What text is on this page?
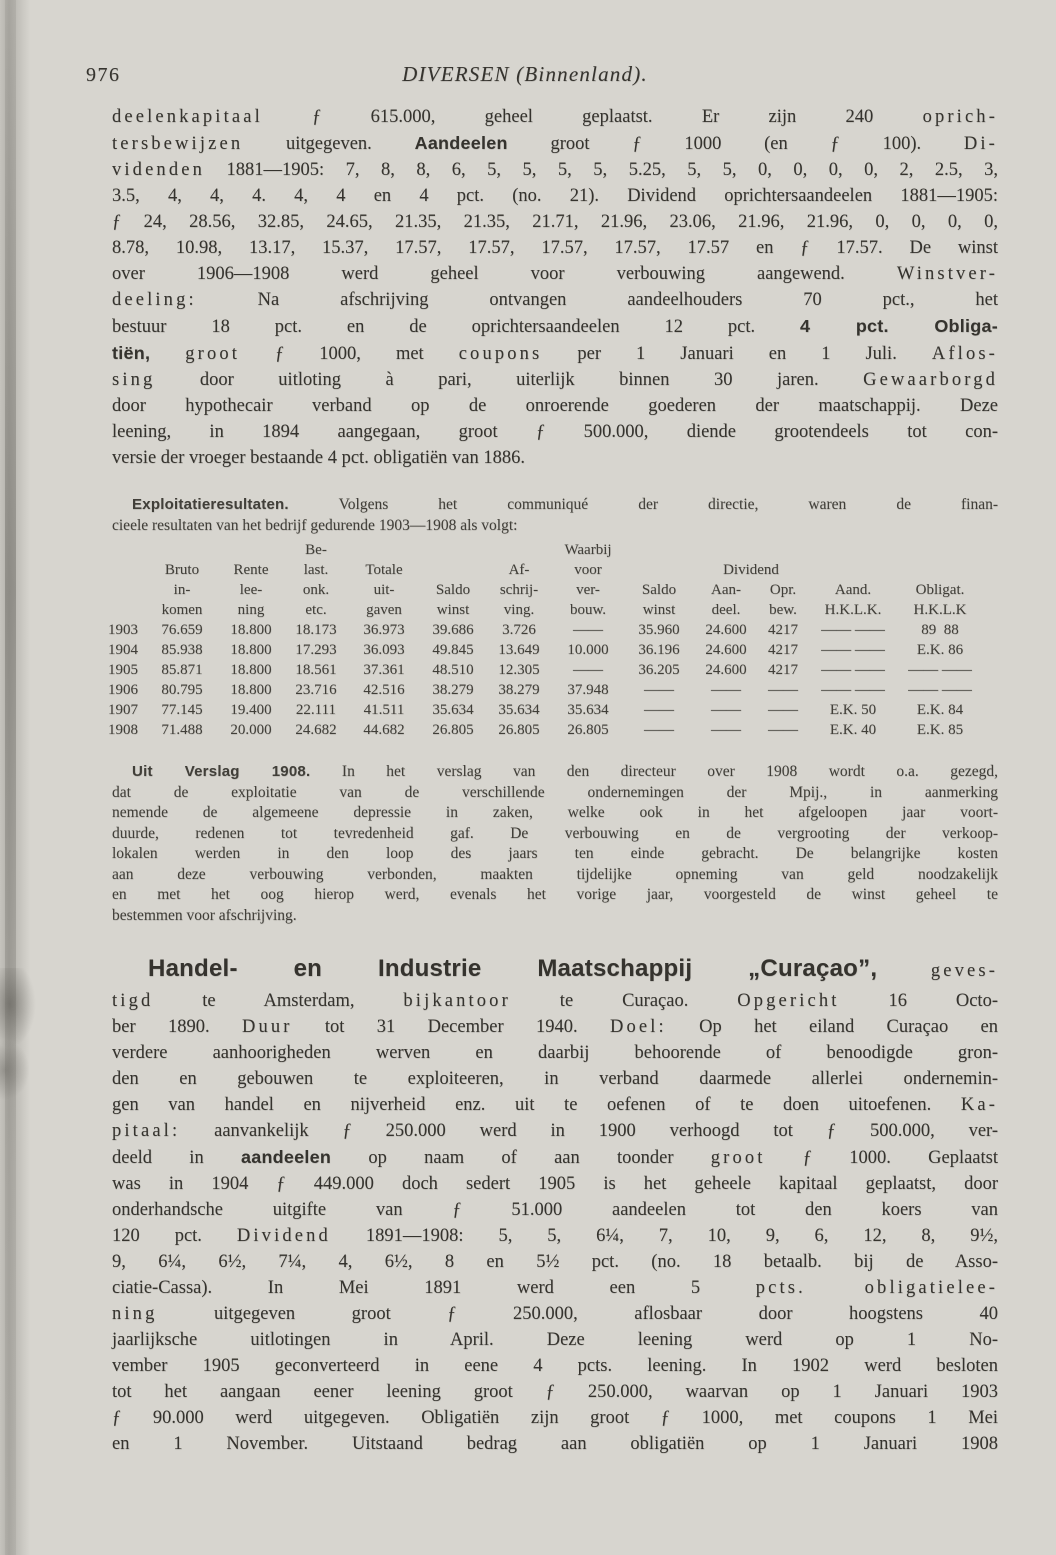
976	DIVERSEN (Binnenland).
deelenkapitaal ƒ 615.000, geheel geplaatst. Er zijn 240 oprich-
tersbewijzen uitgegeven. Aandeelen groot ƒ 1000 (en ƒ 100). Di-
videnden 1881—1905: 7, 8, 8, 6, 5, 5, 5, 5, 5.25, 5, 5, 0, 0, 0, 0, 2, 2.5, 3,
3.5, 4, 4, 4. 4, 4 en 4 pct. (no. 21). Dividend oprichtersaandeelen 1881—1905:
ƒ 24, 28.56, 32.85, 24.65, 21.35, 21.35, 21.71, 21.96, 23.06, 21.96, 21.96, 0, 0, 0, 0,
8.78, 10.98, 13.17, 15.37, 17.57, 17.57, 17.57, 17.57, 17.57 en ƒ 17.57. De winst
over 1906—1908 werd geheel voor verbouwing aangewend. Winstver-
deeling: Na afschrijving ontvangen aandeelhouders 70 pct., het
bestuur 18 pct. en de oprichtersaandeelen 12 pct. 4 pct. Obliga-
tiën, groot ƒ 1000, met coupons per 1 Januari en 1 Juli. Aflos-
sing door uitloting à pari, uiterlijk binnen 30 jaren. Gewaarborgd
door hypothecair verband op de onroerende goederen der maatschappij. Deze
leening, in 1894 aangegaan, groot ƒ 500.000, diende grootendeels tot con-
versie der vroeger bestaande 4 pct. obligatiën van 1886.
Exploitatieresultaten. Volgens het communiqué der directie, waren de finan-
cieele resultaten van het bedrijf gedurende 1903—1908 als volgt:
			Be-				Waarbij					
	Bruto	Rente	last.	Totale		Af-	voor		Dividend			
	in-	lee-	onk.	uit-	Saldo	schrij-	ver-	Saldo	Aan-	Opr.	Aand.	Obligat.
	komen	ning	etc.	gaven	winst	ving.	bouw.	winst	deel.	bew.	H.K.L.K.	H.K.L.K
1903	76.659	18.800	18.173	36.973	39.686	3.726	——	35.960	24.600	4217	—— ——	89  88
1904	85.938	18.800	17.293	36.093	49.845	13.649	10.000	36.196	24.600	4217	—— ——	E.K. 86
1905	85.871	18.800	18.561	37.361	48.510	12.305	——	36.205	24.600	4217	—— ——	—— ——
1906	80.795	18.800	23.716	42.516	38.279	38.279	37.948	——	——	——	—— ——	—— ——
1907	77.145	19.400	22.111	41.511	35.634	35.634	35.634	——	——	——	E.K. 50	E.K. 84
1908	71.488	20.000	24.682	44.682	26.805	26.805	26.805	——	——	——	E.K. 40	E.K. 85
Uit Verslag 1908. In het verslag van den directeur over 1908 wordt o.a. gezegd,
dat de exploitatie van de verschillende ondernemingen der Mpij., in aanmerking
nemende de algemeene depressie in zaken, welke ook in het afgeloopen jaar voort-
duurde, redenen tot tevredenheid gaf. De verbouwing en de vergrooting der verkoop-
lokalen werden in den loop des jaars ten einde gebracht. De belangrijke kosten
aan deze verbouwing verbonden, maakten tijdelijke opneming van geld noodzakelijk
en met het oog hierop werd, evenals het vorige jaar, voorgesteld de winst geheel te
bestemmen voor afschrijving.
Handel- en Industrie Maatschappij „Curaçao”,	geves-
tigd te Amsterdam, bijkantoor te Curaçao. Opgericht 16 Octo-
ber 1890. Duur tot 31 December 1940. Doel: Op het eiland Curaçao en
verdere aanhoorigheden werven en daarbij behoorende of benoodigde gron-
den en gebouwen te exploiteeren, in verband daarmede allerlei ondernemin-
gen van handel en nijverheid enz. uit te oefenen of te doen uitoefenen. Ka-
pitaal: aanvankelijk ƒ 250.000 werd in 1900 verhoogd tot ƒ 500.000, ver-
deeld in aandeelen op naam of aan toonder groot ƒ 1000. Geplaatst
was in 1904 ƒ 449.000 doch sedert 1905 is het geheele kapitaal geplaatst, door
onderhandsche uitgifte van ƒ 51.000 aandeelen tot den koers van
120 pct. Dividend 1891—1908: 5, 5, 6¼, 7, 10, 9, 6, 12, 8, 9½,
9, 6¼, 6½, 7¼, 4, 6½, 8 en 5½ pct. (no. 18 betaalb. bij de Asso-
ciatie-Cassa). In Mei 1891 werd een 5 pcts. obligatielee-
ning uitgegeven groot ƒ 250.000, aflosbaar door hoogstens 40
jaarlijksche uitlotingen in April. Deze leening werd op 1 No-
vember 1905 geconverteerd in eene 4 pcts. leening. In 1902 werd besloten
tot het aangaan eener leening groot ƒ 250.000, waarvan op 1 Januari 1903
ƒ 90.000 werd uitgegeven. Obligatiën zijn groot ƒ 1000, met coupons 1 Mei
en 1 November. Uitstaand bedrag aan obligatiën op 1 Januari 1908
